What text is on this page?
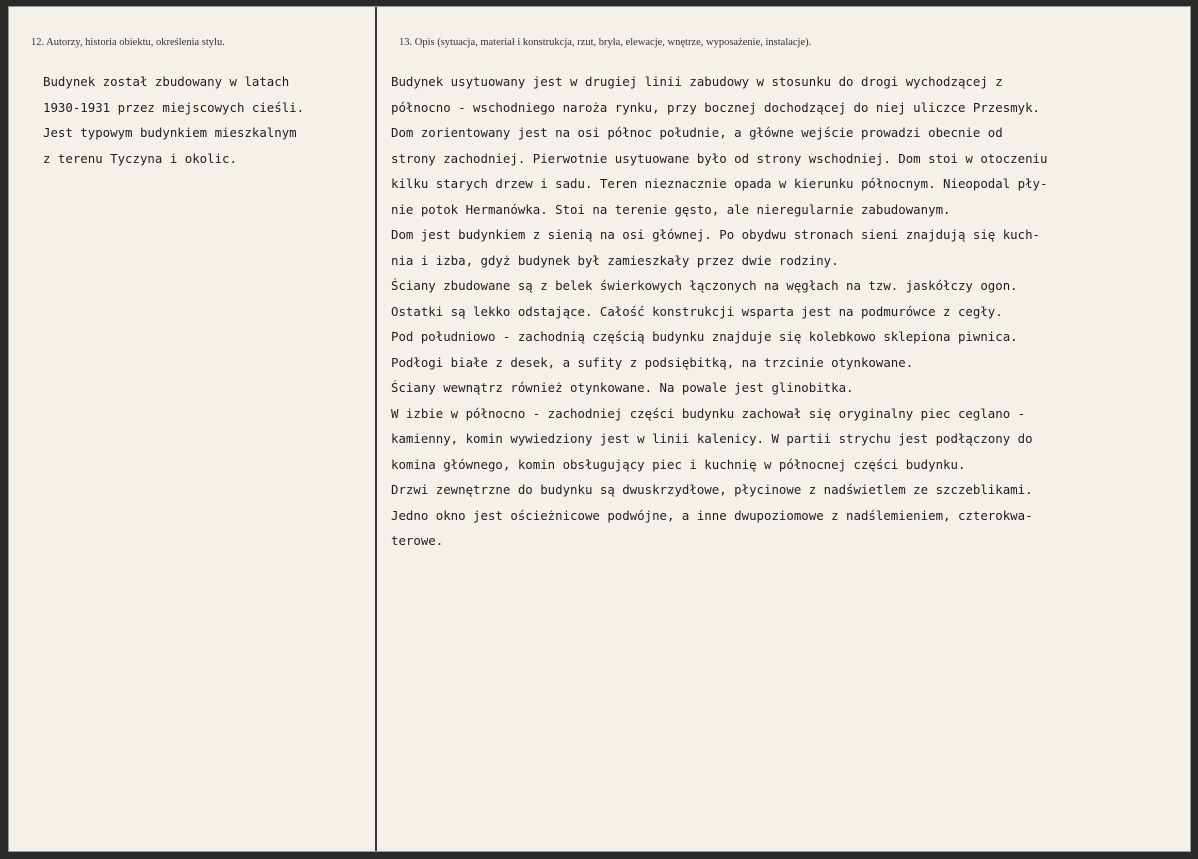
12. Autorzy, historia obiektu, określenia stylu.
Budynek został zbudowany w latach
1930-1931 przez miejscowych cieśli.
Jest typowym budynkiem mieszkalnym
z terenu Tyczyna i okolic.
13. Opis (sytuacja, materiał i konstrukcja, rzut, bryła, elewacje, wnętrze, wyposażenie, instalacje).
Budynek usytuowany jest w drugiej linii zabudowy w stosunku do drogi wychodzącej z
północno - wschodniego naroża rynku, przy bocznej dochodzącej do niej uliczce Przesmyk.
Dom zorientowany jest na osi północ południe, a główne wejście prowadzi obecnie od
strony zachodniej. Pierwotnie usytuowane było od strony wschodniej. Dom stoi w otoczeniu
kilku starych drzew i sadu. Teren nieznacznie opada w kierunku północnym. Nieopodal pły-
nie potok Hermanówka. Stoi na terenie gęsto, ale nieregularnie zabudowanym.
Dom jest budynkiem z sienią na osi głównej. Po obydwu stronach sieni znajdują się kuch-
nia i izba, gdyż budynek był zamieszkały przez dwie rodziny.
Ściany zbudowane są z belek świerkowych łączonych na węgłach na tzw. jaskółczy ogon.
Ostatki są lekko odstające. Całość konstrukcji wsparta jest na podmurówce z cegły.
Pod południowo - zachodnią częścią budynku znajduje się kolebkowo sklepiona piwnica.
Podłogi białe z desek, a sufity z podsiębitką, na trzcinie otynkowane.
Ściany wewnątrz również otynkowane. Na powale jest glinobitka.
W izbie w północno - zachodniej części budynku zachował się oryginalny piec ceglano -
kamienny, komin wywiedziony jest w linii kalenicy. W partii strychu jest podłączony do
komina głównego, komin obsługujący piec i kuchnię w północnej części budynku.
Drzwi zewnętrzne do budynku są dwuskrzydłowe, płycinowe z nadświetlem ze szczeblikami.
Jedno okno jest ościeżnicowe podwójne, a inne dwupoziomowe z nadślemieniem, czterokwa-
terowe.
